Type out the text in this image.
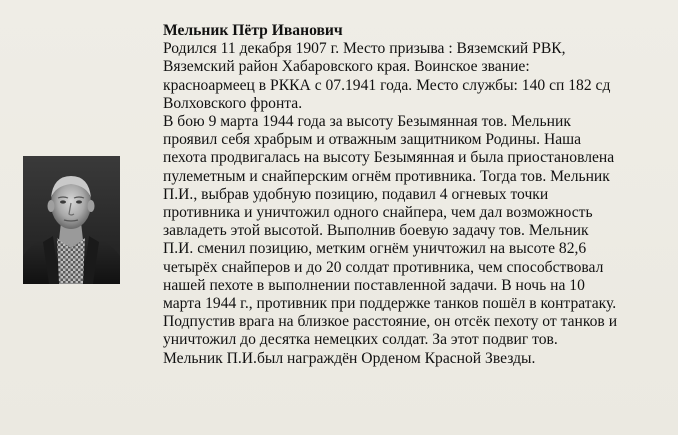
Мельник Пётр Иванович
Родился 11 декабря 1907 г. Место призыва : Вяземский РВК,
Вяземский район Хабаровского края. Воинское звание:
красноармеец в РККА с 07.1941 года. Место службы: 140 сп 182 сд
Волховского фронта.
В бою 9 марта 1944 года за высоту Безымянная тов. Мельник
проявил себя храбрым и отважным защитником Родины. Наша
пехота продвигалась на высоту Безымянная и была приостановлена
пулеметным и снайперским огнём противника. Тогда тов. Мельник
П.И., выбрав удобную позицию, подавил 4 огневых точки
противника и уничтожил одного снайпера, чем дал возможность
завладеть этой высотой. Выполнив боевую задачу тов. Мельник
П.И. сменил позицию, метким огнём уничтожил на высоте 82,6
четырёх снайперов и до 20 солдат противника, чем способствовал
нашей пехоте в выполнении поставленной задачи. В ночь на 10
марта 1944 г., противник при поддержке танков пошёл в контратаку.
Подпустив врага на близкое расстояние, он отсёк пехоту от танков и
уничтожил до десятка немецких солдат. За этот подвиг тов.
Мельник П.И.был награждён Орденом Красной Звезды.
